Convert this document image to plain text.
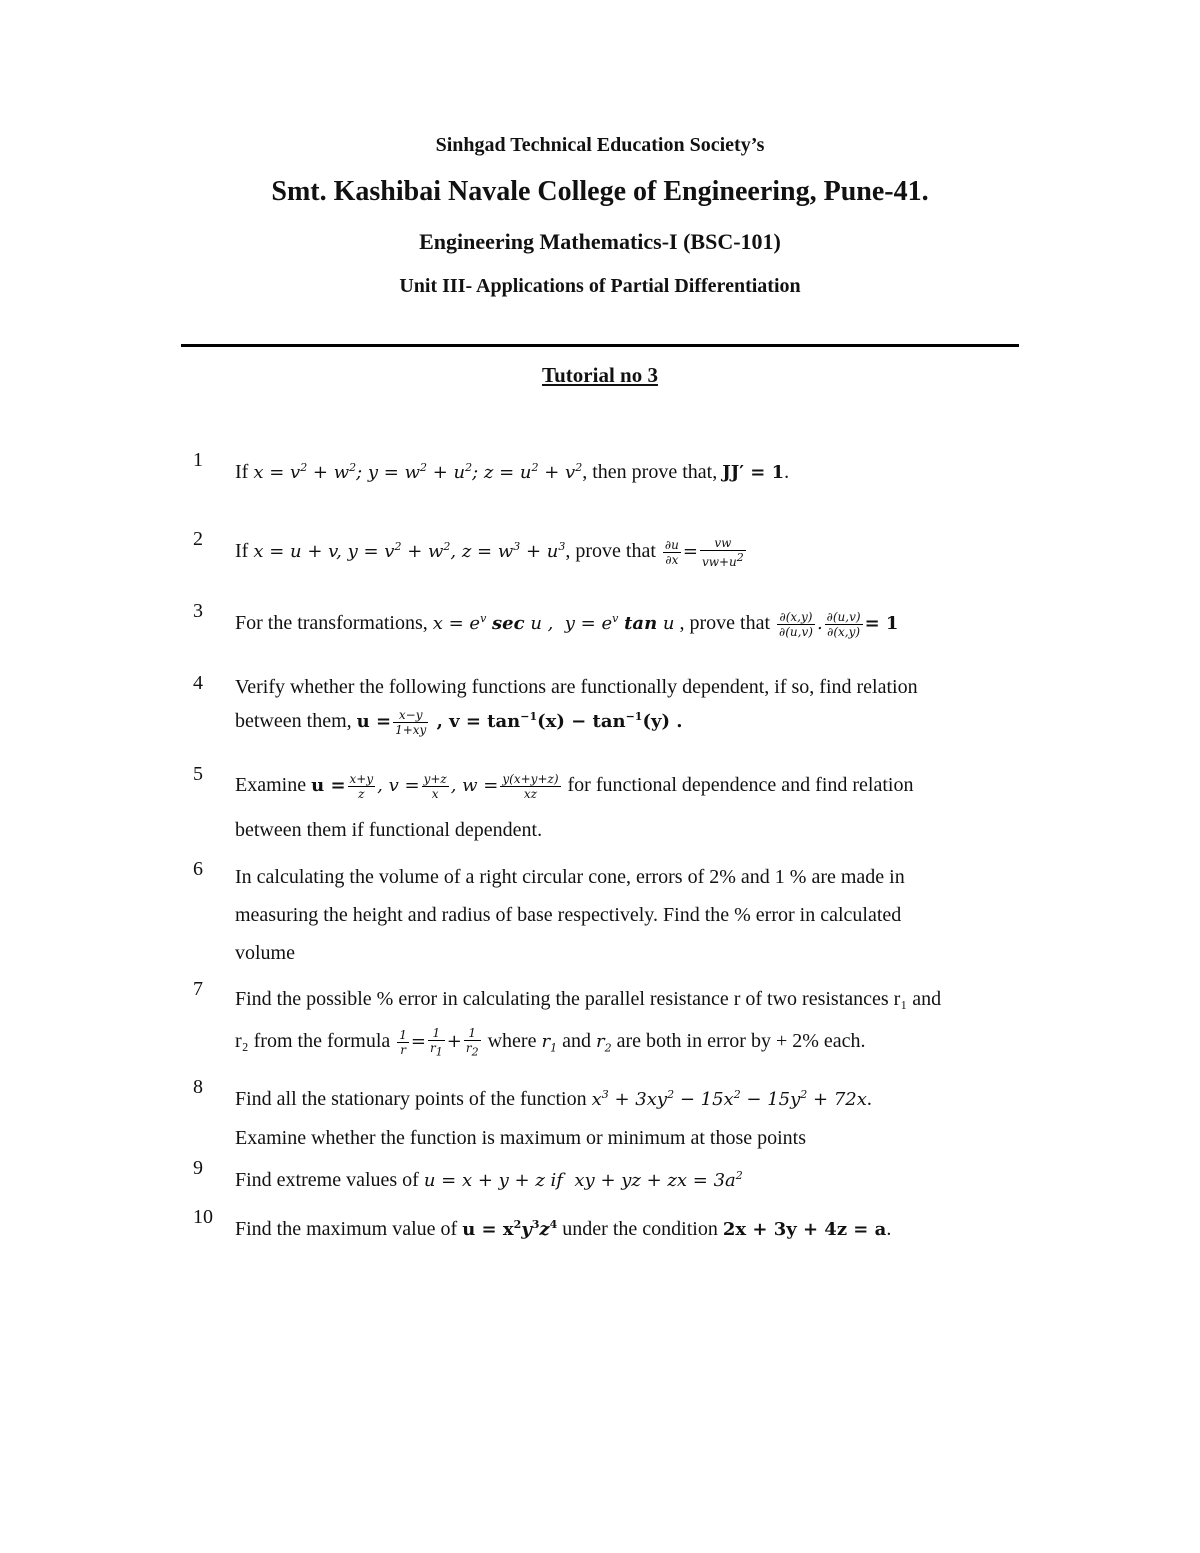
Sinhgad Technical Education Society’s
Smt. Kashibai Navale College of Engineering, Pune-41.
Engineering Mathematics-I (BSC-101)
Unit III- Applications of Partial Differentiation
Tutorial no 3
1
If $x = v^2 + w^2$; $y = w^2 + u^2$; $z = u^2 + v^2$, then prove that, JJ′ = 1.
2
If x = u + v, $y = v^2 + w^2$, $z = w^3 + u^3$, prove that $\frac{\partial u}{\partial x} = \frac{vw}{vw+u^2}$
3
For the transformations, $x = e^v$ sec u ,  $y = e^v$ tan u , prove that $\frac{\partial(x,y)}{\partial(u,v)}$ . $\frac{\partial(u,v)}{\partial(x,y)} = 1$
4 Verify whether the following functions are functionally dependent, if so, find relation
between them, $u = \frac{x-y}{1+xy}$ , $v = \tan^{-1}(x) - \tan^{-1}(y)$ .
5 Examine $u = \frac{x+y}{z}$ , $v = \frac{y+z}{x}$ , $w = \frac{y(x+y+z)}{xz}$ for functional dependence and find relation
between them if functional dependent.
6 In calculating the volume of a right circular cone, errors of 2% and 1 % are made in
measuring the height and radius of base respectively. Find the % error in calculated
volume
7 Find the possible % error in calculating the parallel resistance r of two resistances r₁ and
r₂ from the formula $\frac{1}{r} = \frac{1}{r_1} + \frac{1}{r_2}$ where $r_1$ and $r_2$ are both in error by + 2% each.
8
Find all the stationary points of the function $x^3 + 3xy^2 - 15x^2 - 15y^2 + 72x$.
Examine whether the function is maximum or minimum at those points
9
Find extreme values of u = x + y + z if  xy + yz + zx = $3a^2$
10
Find the maximum value of $u = x^2y^3z^4$ under the condition 2x + 3y + 4z = a.
